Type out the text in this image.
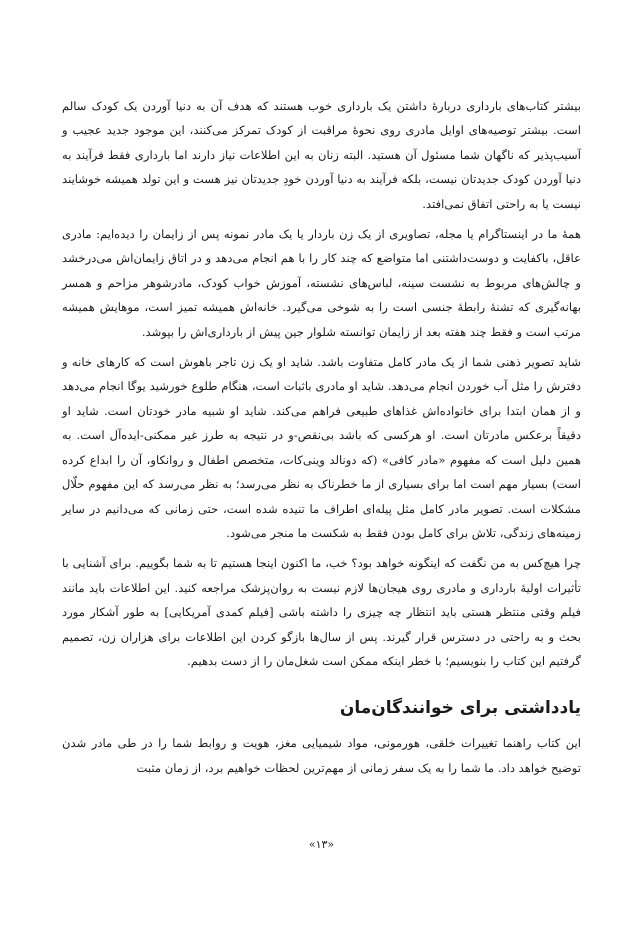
بیشتر کتاب‌های بارداری دربارهٔ داشتن یک بارداری خوب هستند که هدف آن به دنیا آوردن یک کودک سالم است. بیشتر توصیه‌های اوایل مادری روی نحوهٔ مراقبت از کودک تمرکز می‌کنند، این موجود جدید عجیب و آسیب‌پذیر که ناگهان شما مسئول آن هستید. البته زنان به این اطلاعات نیاز دارند اما بارداری فقط فرآیند به دنیا آوردن کودک جدیدتان نیست، بلکه فرآیند به دنیا آوردن خودِ جدیدتان نیز هست و این تولد همیشه خوشایند نیست یا به راحتی اتفاق نمی‌افتد.

همهٔ ما در اینستاگرام یا مجله، تصاویری از یک زن باردار یا یک مادر نمونه پس از زایمان را دیده‌ایم: مادری عاقل، باکفایت و دوست‌داشتنی اما متواضع که چند کار را با هم انجام می‌دهد و در اتاق زایمان‌اش می‌درخشد و چالش‌های مربوط به نشست سینه، لباس‌های نشسته، آموزش خواب کودک، مادرشوهر مزاحم و همسر بهانه‌گیری که تشنهٔ رابطهٔ جنسی است را به شوخی می‌گیرد. خانه‌اش همیشه تمیز است، موهایش همیشه مرتب است و فقط چند هفته بعد از زایمان توانسته شلوار جین پیش از بارداری‌اش را بپوشد.

شاید تصویر ذهنی شما از یک مادر کامل متفاوت باشد. شاید او یک زن تاجر باهوش است که کارهای خانه و دفترش را مثل آب خوردن انجام می‌دهد. شاید او مادری باثبات است، هنگام طلوع خورشید یوگا انجام می‌دهد و از همان ابتدا برای خانواده‌اش غذاهای طبیعی فراهم می‌کند. شاید او شبیه مادر خودتان است. شاید او دقیقاً برعکس مادرتان است. او هرکسی که باشد بی‌نقص-و در نتیجه به طرز غیر ممکنی-ایده‌آل است. به همین دلیل است که مفهوم «مادر کافی» (که دونالد وینی‌کات، متخصص اطفال و روانکاو، آن را ابداع کرده است) بسیار مهم است اما برای بسیاری از ما خطرناک به نظر می‌رسد؛ به نظر می‌رسد که این مفهوم حلّال مشکلات است. تصویر مادر کامل مثل پیله‌ای اطراف ما تنیده شده است، حتی زمانی که می‌دانیم در سایر زمینه‌های زندگی، تلاش برای کامل بودن فقط به شکست ما منجر می‌شود.

چرا هیچ‌کس به من نگفت که اینگونه خواهد بود؟ خب، ما اکنون اینجا هستیم تا به شما بگوییم. برای آشنایی با تأثیرات اولیهٔ بارداری و مادری روی هیجان‌ها لازم نیست به روان‌پزشک مراجعه کنید. این اطلاعات باید مانند فیلم وقتی منتظر هستی باید انتظار چه چیزی را داشته باشی [فیلم کمدی آمریکایی] به طور آشکار مورد بحث و به راحتی در دسترس قرار گیرند. پس از سال‌ها بازگو کردن این اطلاعات برای هزاران زن، تصمیم گرفتیم این کتاب را بنویسیم؛ با خطر اینکه ممکن است شغل‌مان را از دست بدهیم.

یادداشتی برای خوانندگان‌مان

این کتاب راهنما تغییرات خلقی، هورمونی، مواد شیمیایی مغز، هویت و روابط شما را در طی مادر شدن توضیح خواهد داد. ما شما را به یک سفر زمانی از مهم‌ترین لحظات خواهیم برد، از زمان مثبت

«۱۳»
